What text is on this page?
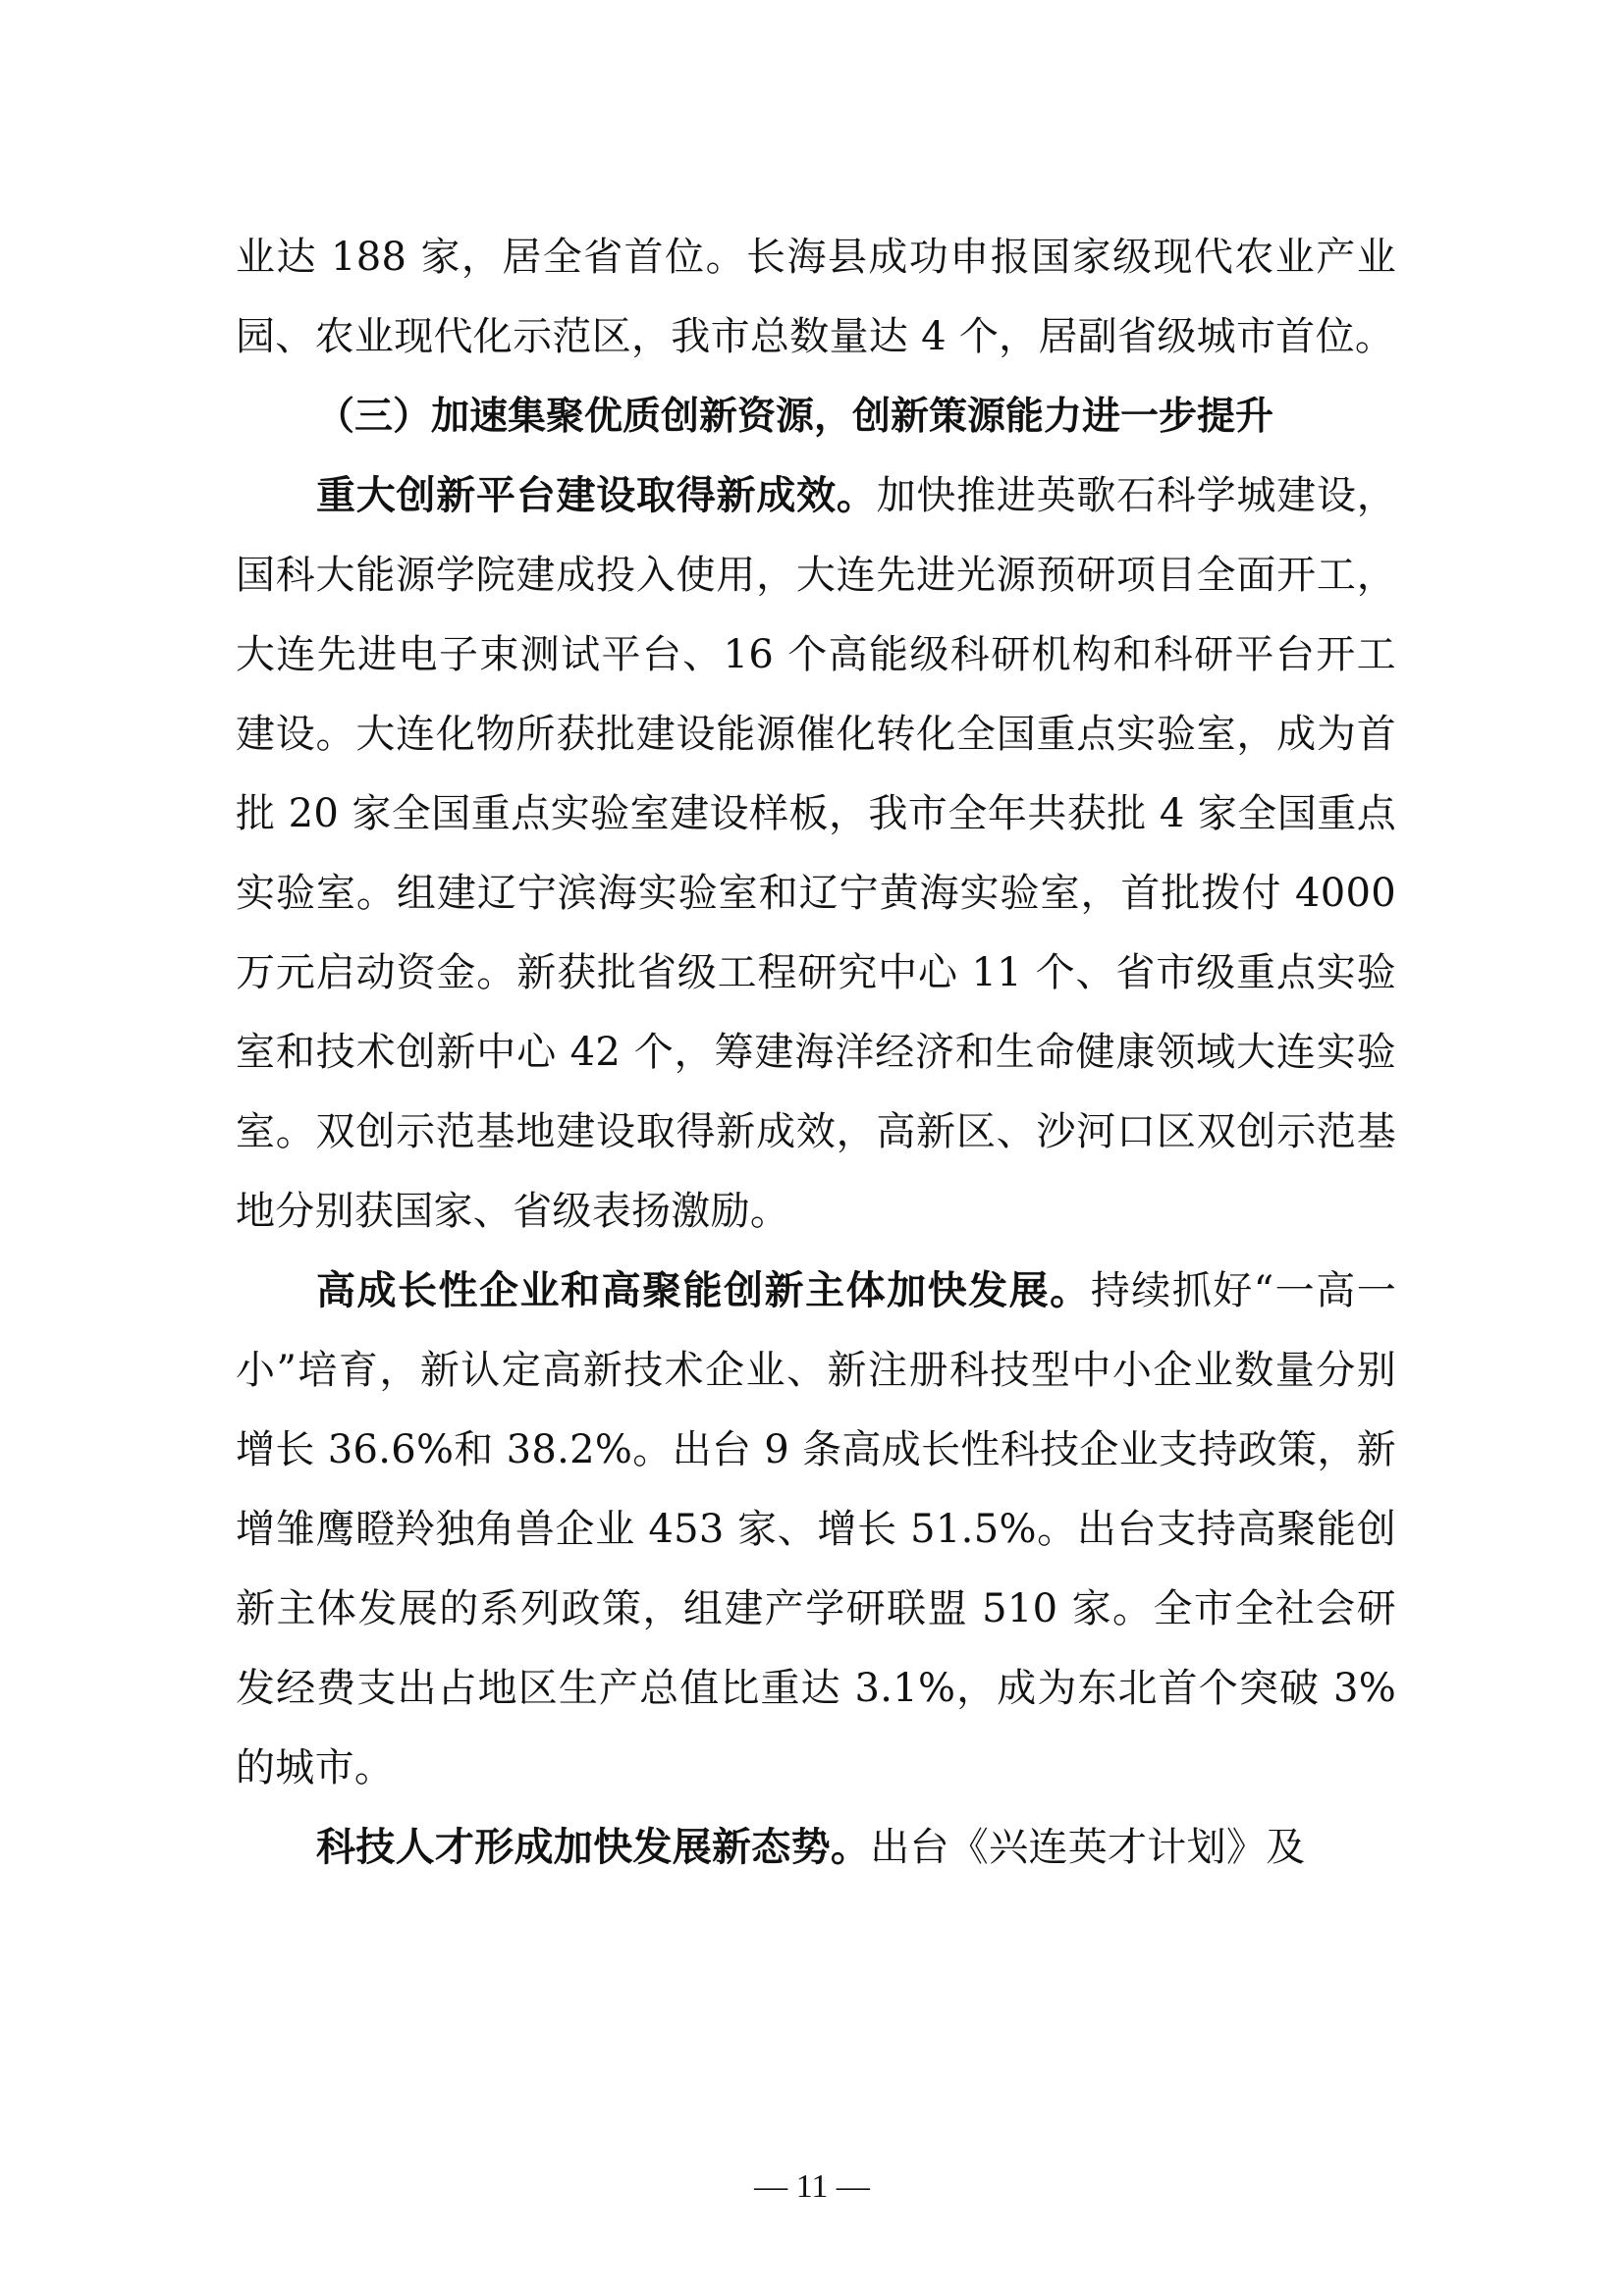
业达 188 家，居全省首位。长海县成功申报国家级现代农业产业园、农业现代化示范区，我市总数量达 4 个，居副省级城市首位。

（三）加速集聚优质创新资源，创新策源能力进一步提升

重大创新平台建设取得新成效。加快推进英歌石科学城建设，国科大能源学院建成投入使用，大连先进光源预研项目全面开工，大连先进电子束测试平台、16 个高能级科研机构和科研平台开工建设。大连化物所获批建设能源催化转化全国重点实验室，成为首批 20 家全国重点实验室建设样板，我市全年共获批 4 家全国重点实验室。组建辽宁滨海实验室和辽宁黄海实验室，首批拨付 4000 万元启动资金。新获批省级工程研究中心 11 个、省市级重点实验室和技术创新中心 42 个，筹建海洋经济和生命健康领域大连实验室。双创示范基地建设取得新成效，高新区、沙河口区双创示范基地分别获国家、省级表扬激励。

高成长性企业和高聚能创新主体加快发展。持续抓好“一高一小”培育，新认定高新技术企业、新注册科技型中小企业数量分别增长 36.6%和 38.2%。出台 9 条高成长性科技企业支持政策，新增雏鹰瞪羚独角兽企业 453 家、增长 51.5%。出台支持高聚能创新主体发展的系列政策，组建产学研联盟 510 家。全市全社会研发经费支出占地区生产总值比重达 3.1%，成为东北首个突破 3%的城市。

科技人才形成加快发展新态势。出台《兴连英才计划》及

— 11 —
